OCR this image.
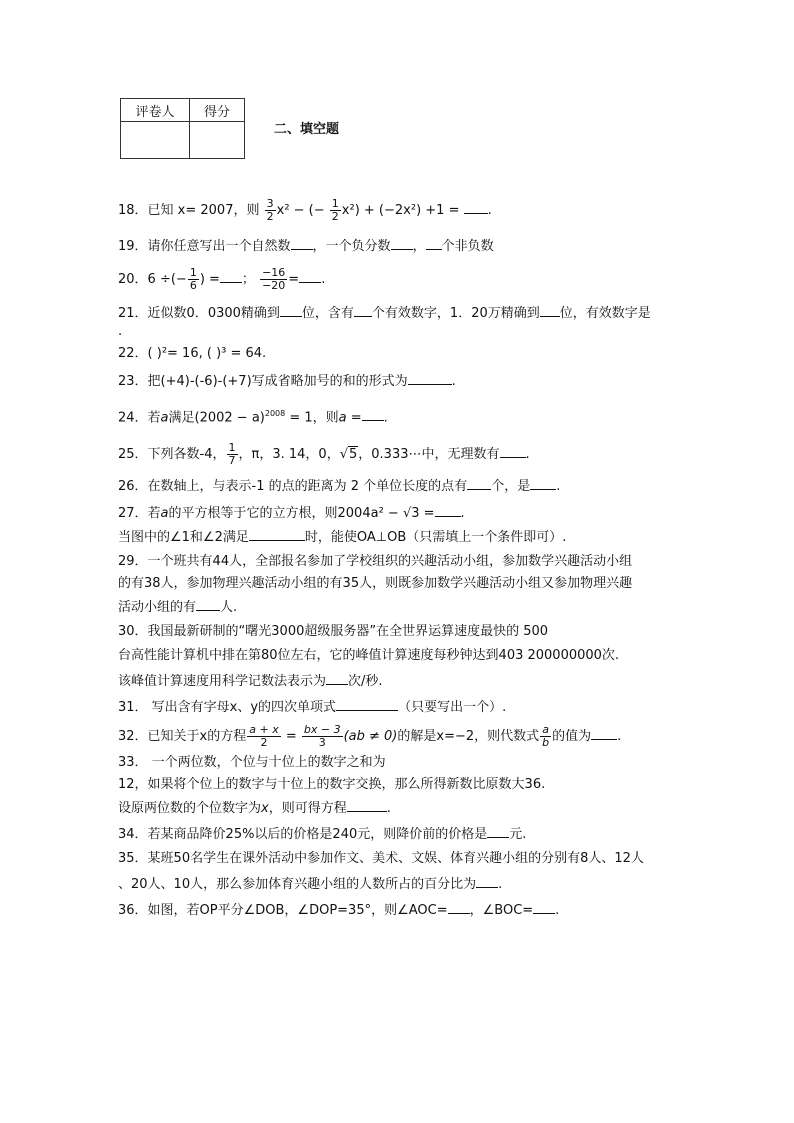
评卷人	得分

二、填空题

18．已知 x= 2007，则 $\frac{3}{2} x^2$ − (− $\frac{1}{2} x^2) + (-2x^2) +1$ = .

19．请你任意写出一个自然数 ，一个负分数 ， 个非负数

20．6 ÷(− $\frac{1}{6}$ ) = ； $\frac{-16}{-20}$ = .

21．近似数0．0300精确到 位，含有 个有效数字，1．20万精确到 位，有效数字是

.

22．( )²= 16, ( )³ = 64.

23．把(+4)-(-6)-(+7)写成省略加号的和的形式为	.

24．若a满足$(2002 - a)^{2008} = 1$，则a = .

25．下列各数-4， $\frac{1}{7}$ ，π，3. 14，0，√5，0.333⋯中，无理数有 .

26．在数轴上，与表示-1 的点的距离为 2 个单位长度的点有 个，是 .

27．若a的平方根等于它的立方根，则2004a² − √3 = .

当图中的∠1和∠2满足	时，能使OA⊥OB（只需填上一个条件即可）.

29．一个班共有44人，全部报名参加了学校组织的兴趣活动小组，参加数学兴趣活动小组

的有38人，参加物理兴趣活动小组的有35人，则既参加数学兴趣活动小组又参加物理兴趣

活动小组的有 人.

30．我国最新研制的“曙光3000超级服务器”在全世界运算速度最快的 500

台高性能计算机中排在第80位左右，它的峰值计算速度每秒钟达到403 200000000次.

该峰值计算速度用科学记数法表示为 次/秒.

31． 写出含有字母x、y的四次单项式	（只要写出一个）.

32．已知关于x的方程 $\frac{a + x}{2} = \frac{bx - 3}{3} (ab \ne 0)$的解是x=−2，则代数式 $\frac{a}{b}$ 的值为 .

33． 一个两位数，个位与十位上的数字之和为

12，如果将个位上的数字与十位上的数字交换，那么所得新数比原数大36.

设原两位数的个位数字为x，则可得方程	.

34．若某商品降价25%以后的价格是240元，则降价前的价格是 元.

35．某班50名学生在课外活动中参加作文、美术、文娱、体育兴趣小组的分别有8人、12人

、20人、10人，那么参加体育兴趣小组的人数所占的百分比为 .

36．如图，若OP平分∠DOB，∠DOP=35°，则∠AOC= ，∠BOC= .
